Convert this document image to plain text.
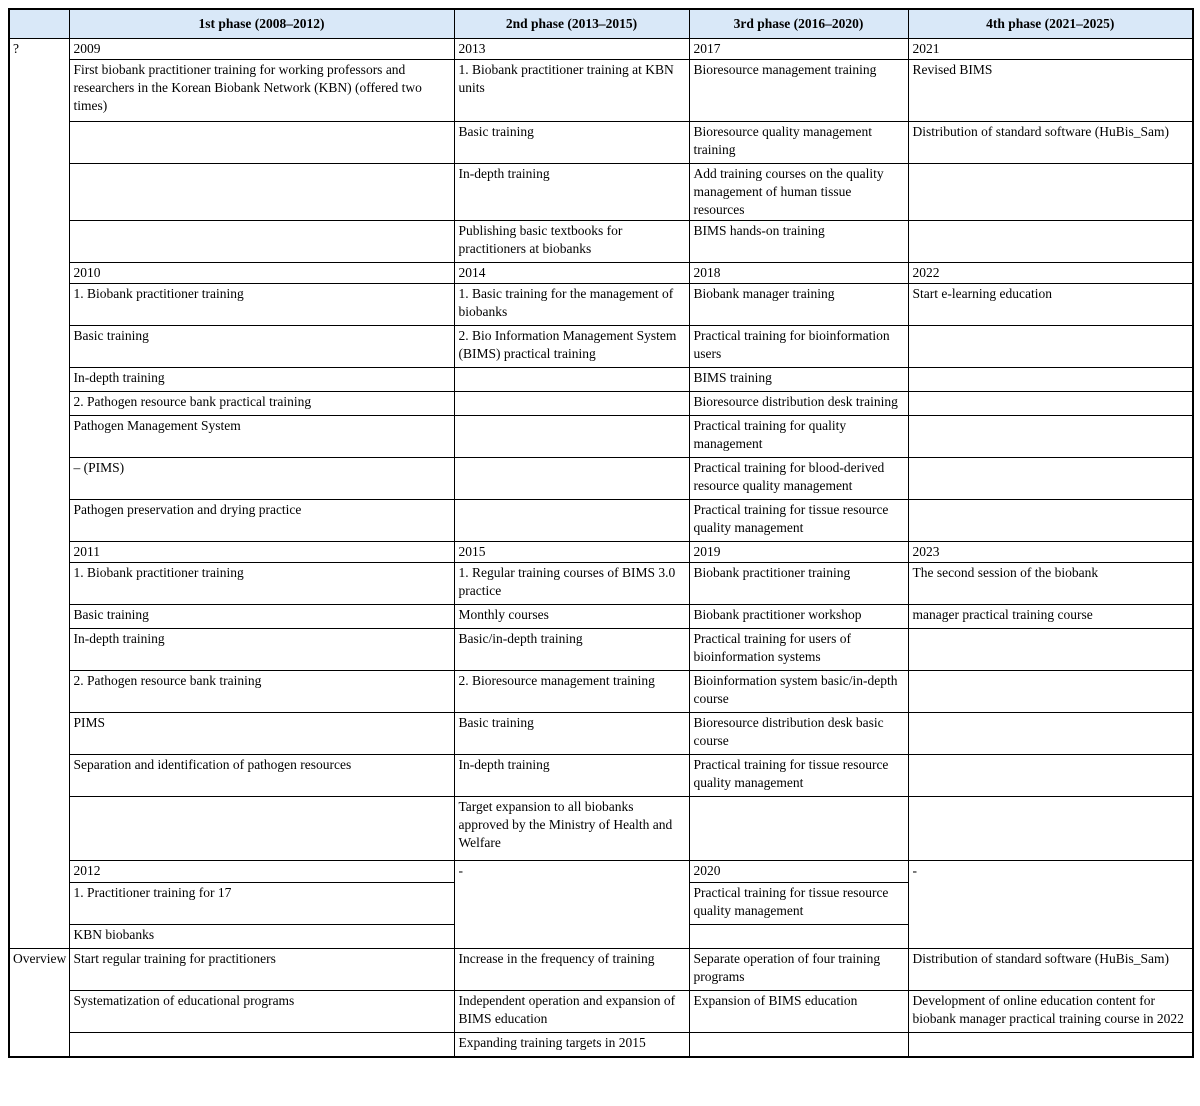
	1st phase (2008–2012)	2nd phase (2013–2015)	3rd phase (2016–2020)	4th phase (2021–2025)
?	2009	2013	2017	2021
	First biobank practitioner training for working professors and researchers in the Korean Biobank Network (KBN) (offered two times)	1. Biobank practitioner training at KBN units	Bioresource management training	Revised BIMS
		Basic training	Bioresource quality management training	Distribution of standard software (HuBis_Sam)
		In-depth training	Add training courses on the quality management of human tissue resources	
		Publishing basic textbooks for practitioners at biobanks	BIMS hands-on training	
	2010	2014	2018	2022
	1. Biobank practitioner training	1. Basic training for the management of biobanks	Biobank manager training	Start e-learning education
	Basic training	2. Bio Information Management System (BIMS) practical training	Practical training for bioinformation users	
	In-depth training		BIMS training	
	2. Pathogen resource bank practical training		Bioresource distribution desk training	
	Pathogen Management System		Practical training for quality management	
	– (PIMS)		Practical training for blood-derived resource quality management	
	Pathogen preservation and drying practice		Practical training for tissue resource quality management	
	2011	2015	2019	2023
	1. Biobank practitioner training	1. Regular training courses of BIMS 3.0 practice	Biobank practitioner training	The second session of the biobank
	Basic training	Monthly courses	Biobank practitioner workshop	manager practical training course
	In-depth training	Basic/in-depth training	Practical training for users of bioinformation systems	
	2. Pathogen resource bank training	2. Bioresource management training	Bioinformation system basic/in-depth course	
	PIMS	Basic training	Bioresource distribution desk basic course	
	Separation and identification of pathogen resources	In-depth training	Practical training for tissue resource quality management	
		Target expansion to all biobanks approved by the Ministry of Health and Welfare		
	2012	-	2020	-
	1. Practitioner training for 17		Practical training for tissue resource quality management	
	KBN biobanks			
Overview	Start regular training for practitioners	Increase in the frequency of training	Separate operation of four training programs	Distribution of standard software (HuBis_Sam)
	Systematization of educational programs	Independent operation and expansion of BIMS education	Expansion of BIMS education	Development of online education content for biobank manager practical training course in 2022
		Expanding training targets in 2015		
